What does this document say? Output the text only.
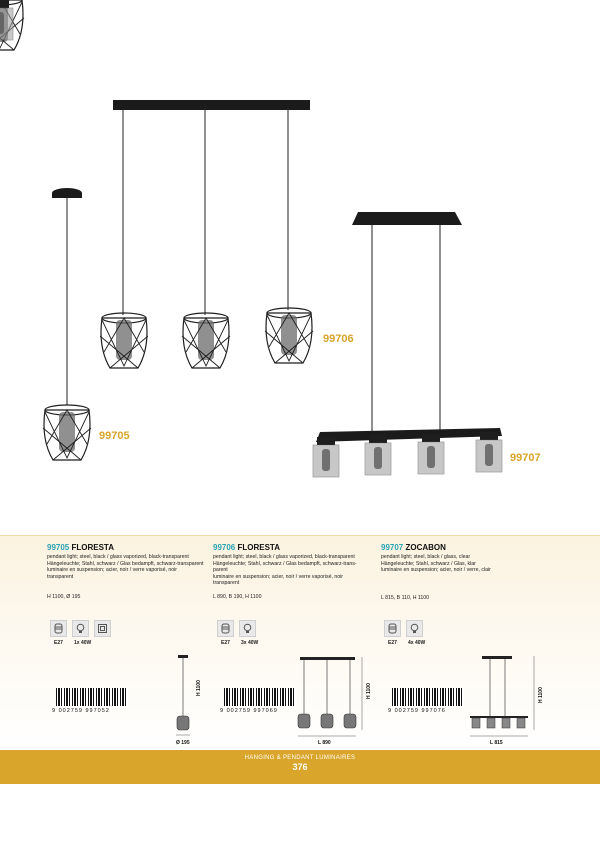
99705
99706
99707
99705 FLORESTA
pendant light; steel, black / glass vaporized, black-transparent
Hängeleuchte; Stahl, schwarz / Glas bedampft, schwarz-transparent
luminaire en suspension; acier, noir / verre vaporisé, noir
transparent
H 1100, Ø 195
99706 FLORESTA
pendant light; steel, black / glass vaporized, black-transparent
Hängeleuchte; Stahl, schwarz / Glas bedampft, schwarz-trans-
parent
luminaire en suspension; acier, noir / verre vaporisé, noir
transparent
L 890, B 190, H 1100
99707 ZOCABON
pendant light; steel, black / glass, clear
Hängeleuchte; Stahl, schwarz / Glas, klar
luminaire en suspension; acier, noir / verre, clair
L 815, B 110, H 1100
E27 1x 40W	E27 3x 40W	E27 4x 40W
9 002759 997052	9 002759 997069	9 002759 997076
Ø 195
H 1100
L 890
H 1100
L 815
H 1100
HANGING & PENDANT LUMINAIRES
376
